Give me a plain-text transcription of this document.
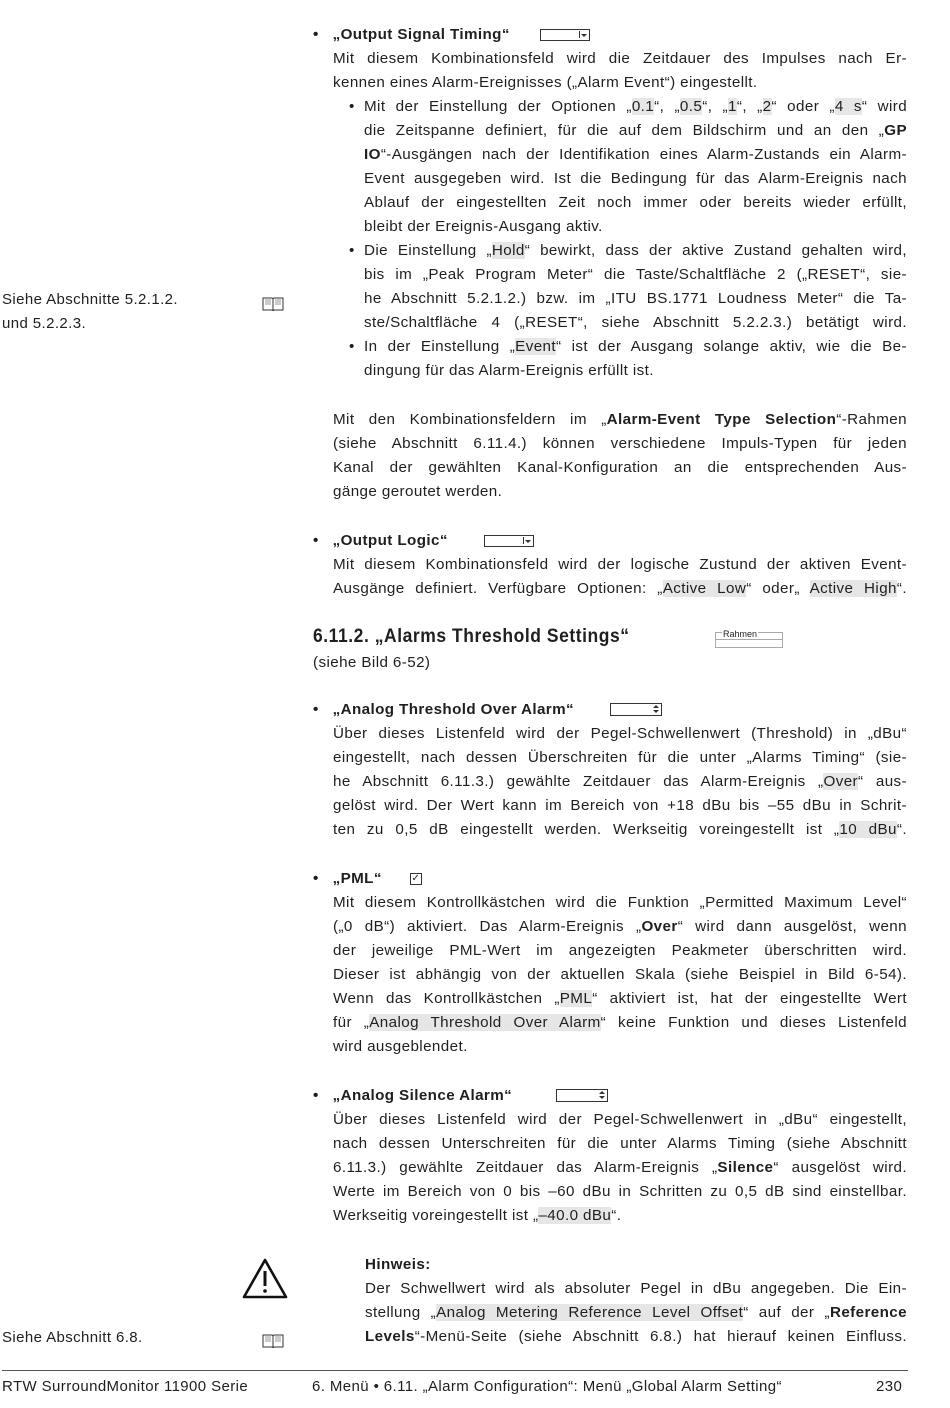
Siehe Abschnitte 5.2.1.2.
und 5.2.2.3.
Siehe Abschnitt 6.8.
•   „Output Signal Timing“
Mit diesem Kombinationsfeld wird die Zeitdauer des Impulses nach Er-
kennen eines Alarm-Ereignisses („Alarm Event“) eingestellt.
• Mit der Einstellung der Optionen „0.1“, „0.5“, „1“, „2“ oder „4 s“ wird
die Zeitspanne definiert, für die auf dem Bildschirm und an den „GP
IO“-Ausgängen nach der Identifikation eines Alarm-Zustands ein Alarm-
Event ausgegeben wird. Ist die Bedingung für das Alarm-Ereignis nach
Ablauf der eingestellten Zeit noch immer oder bereits wieder erfüllt,
bleibt der Ereignis-Ausgang aktiv.
• Die Einstellung „Hold“ bewirkt, dass der aktive Zustand gehalten wird,
bis im „Peak Program Meter“ die Taste/Schaltfläche 2 („RESET“, sie-
he Abschnitt 5.2.1.2.) bzw. im „ITU BS.1771 Loudness Meter“ die Ta-
ste/Schaltfläche 4 („RESET“, siehe Abschnitt 5.2.2.3.) betätigt wird.
• In der Einstellung „Event“ ist der Ausgang solange aktiv, wie die Be-
dingung für das Alarm-Ereignis erfüllt ist.
Mit den Kombinationsfeldern im „Alarm-Event Type Selection“-Rahmen
(siehe Abschnitt 6.11.4.) können verschiedene Impuls-Typen für jeden
Kanal der gewählten Kanal-Konfiguration an die entsprechenden Aus-
gänge geroutet werden.
•   „Output Logic“
Mit diesem Kombinationsfeld wird der logische Zustund der aktiven Event-
Ausgänge definiert. Verfügbare Optionen: „Active Low“ oder„ Active High“.
6.11.2. „Alarms Threshold Settings“	Rahmen
(siehe Bild 6-52)
•   „Analog Threshold Over Alarm“
Über dieses Listenfeld wird der Pegel-Schwellenwert (Threshold) in „dBu“
eingestellt, nach dessen Überschreiten für die unter „Alarms Timing“ (sie-
he Abschnitt 6.11.3.) gewählte Zeitdauer das Alarm-Ereignis „Over“ aus-
gelöst wird. Der Wert kann im Bereich von +18 dBu bis –55 dBu in Schrit-
ten zu 0,5 dB eingestellt werden. Werkseitig voreingestellt ist „10 dBu“.
•   „PML“	✓
Mit diesem Kontrollkästchen wird die Funktion „Permitted Maximum Level“
(„0 dB“) aktiviert. Das Alarm-Ereignis „Over“ wird dann ausgelöst, wenn
der jeweilige PML-Wert im angezeigten Peakmeter überschritten wird.
Dieser ist abhängig von der aktuellen Skala (siehe Beispiel in Bild 6-54).
Wenn das Kontrollkästchen „PML“ aktiviert ist, hat der eingestellte Wert
für „Analog Threshold Over Alarm“ keine Funktion und dieses Listenfeld
wird ausgeblendet.
•   „Analog Silence Alarm“
Über dieses Listenfeld wird der Pegel-Schwellenwert in „dBu“ eingestellt,
nach dessen Unterschreiten für die unter Alarms Timing (siehe Abschnitt
6.11.3.) gewählte Zeitdauer das Alarm-Ereignis „Silence“ ausgelöst wird.
Werte im Bereich von 0 bis –60 dBu in Schritten zu 0,5 dB sind einstellbar.
Werkseitig voreingestellt ist „–40.0 dBu“.
Hinweis:
Der Schwellwert wird als absoluter Pegel in dBu angegeben. Die Ein-
stellung „Analog Metering Reference Level Offset“ auf der „Reference
Levels“-Menü-Seite (siehe Abschnitt 6.8.) hat hierauf keinen Einfluss.
RTW SurroundMonitor 11900 Serie	6. Menü • 6.11. „Alarm Configuration“: Menü „Global Alarm Setting“	230
